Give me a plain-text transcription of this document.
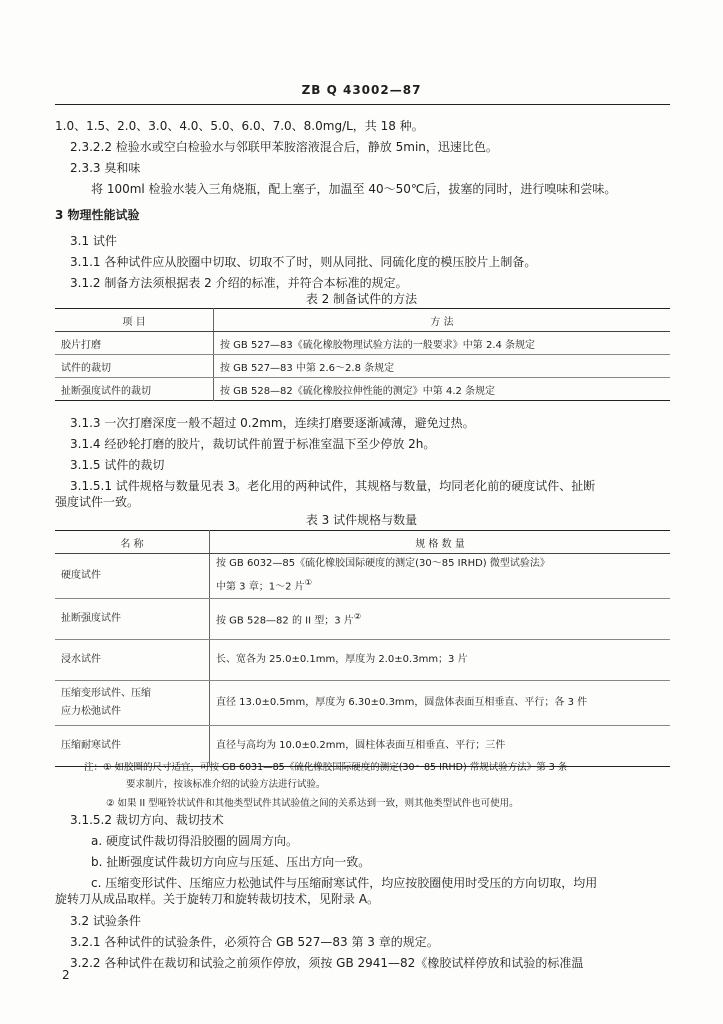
ZB Q 43002—87
1.0、1.5、2.0、3.0、4.0、5.0、6.0、7.0、8.0mg/L，共 18 种。
2.3.2.2 检验水或空白检验水与邻联甲苯胺溶液混合后，静放 5min，迅速比色。
2.3.3 臭和味
将 100ml 检验水装入三角烧瓶，配上塞子，加温至 40～50℃后，拔塞的同时，进行嗅味和尝味。
3 物理性能试验
3.1 试件
3.1.1 各种试件应从胶圈中切取、切取不了时，则从同批、同硫化度的模压胶片上制备。
3.1.2 制备方法须根据表 2 介绍的标准，并符合本标准的规定。
表 2 制备试件的方法
项 目	方 法
胶片打磨	按 GB 527—83《硫化橡胶物理试验方法的一般要求》中第 2.4 条规定
试件的裁切	按 GB 527—83 中第 2.6～2.8 条规定
扯断强度试件的裁切	按 GB 528—82《硫化橡胶拉伸性能的测定》中第 4.2 条规定
3.1.3 一次打磨深度一般不超过 0.2mm，连续打磨要逐渐减薄，避免过热。
3.1.4 经砂轮打磨的胶片，裁切试件前置于标准室温下至少停放 2h。
3.1.5 试件的裁切
3.1.5.1 试件规格与数量见表 3。老化用的两种试件，其规格与数量，均同老化前的硬度试件、扯断
强度试件一致。
表 3 试件规格与数量
名 称	规 格 数 量
硬度试件	按 GB 6032—85《硫化橡胶国际硬度的测定(30～85 IRHD) 微型试验法》
中第 3 章；1～2 片①

扯断强度试件	按 GB 528—82 的 II 型；3 片②
浸水试件	长、宽各为 25.0±0.1mm，厚度为 2.0±0.3mm；3 片

压缩变形试件、压缩
应力松弛试件	直径 13.0±0.5mm，厚度为 6.30±0.3mm，圆盘体表面互相垂直、平行；各 3 件
压缩耐寒试件	直径与高均为 10.0±0.2mm，圆柱体表面互相垂直、平行；三件
注：① 如胶圈的尺寸适宜，可按 GB 6031—85《硫化橡胶国际硬度的测定(30～85 IRHD) 常规试验方法》第 3 条
要求制片，按该标准介绍的试验方法进行试验。
② 如果 II 型哑铃状试件和其他类型试件其试验值之间的关系达到一致，则其他类型试件也可使用。
3.1.5.2 裁切方向、裁切技术
a. 硬度试件裁切得沿胶圈的圆周方向。
b. 扯断强度试件裁切方向应与压延、压出方向一致。
c. 压缩变形试件、压缩应力松弛试件与压缩耐寒试件，均应按胶圈使用时受压的方向切取，均用
旋转刀从成品取样。关于旋转刀和旋转裁切技术，见附录 A。
3.2 试验条件
3.2.1 各种试件的试验条件，必须符合 GB 527—83 第 3 章的规定。
3.2.2 各种试件在裁切和试验之前须作停放，须按 GB 2941—82《橡胶试样停放和试验的标准温
2
